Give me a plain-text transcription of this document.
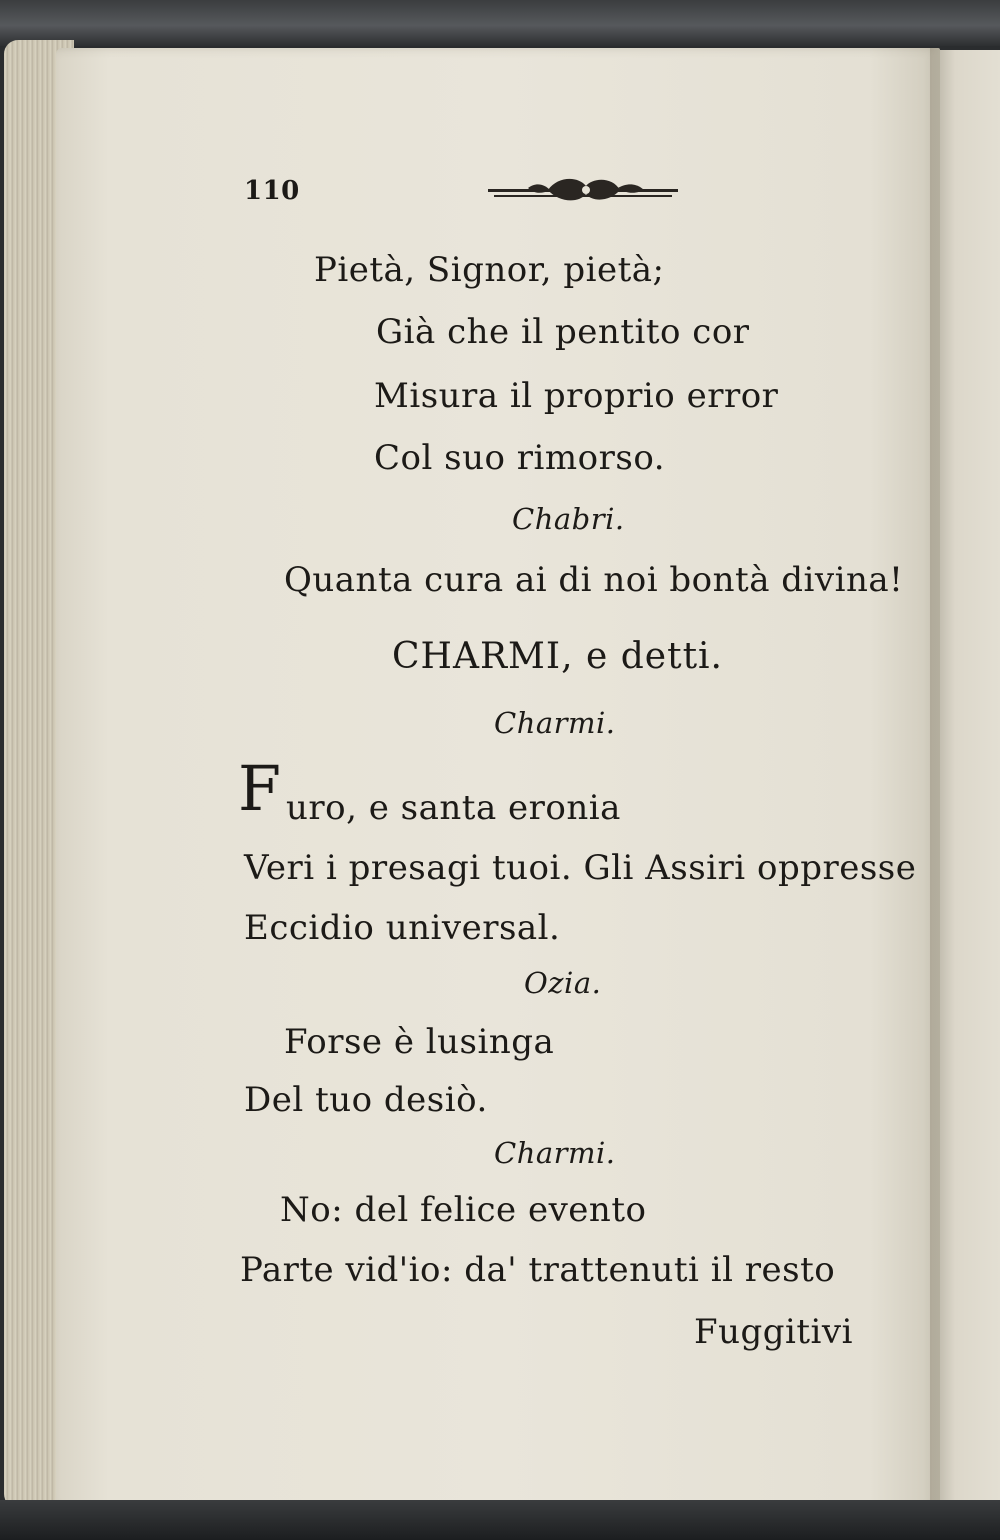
110
Pietà, Signor, pietà;
Già che il pentito cor
Misura il proprio error
Col suo rimorso.
Chabri.
Quanta cura ai di noi bontà divina!
CHARMI, e detti.
Charmi.
F uro, e santa eronia
Veri i presagi tuoi. Gli Assiri oppresse
Eccidio universal.
Ozia.
Forse è lusinga
Del tuo desiò.
Charmi.
No: del felice evento
Parte vid'io: da' trattenuti il resto
Fuggitivi
